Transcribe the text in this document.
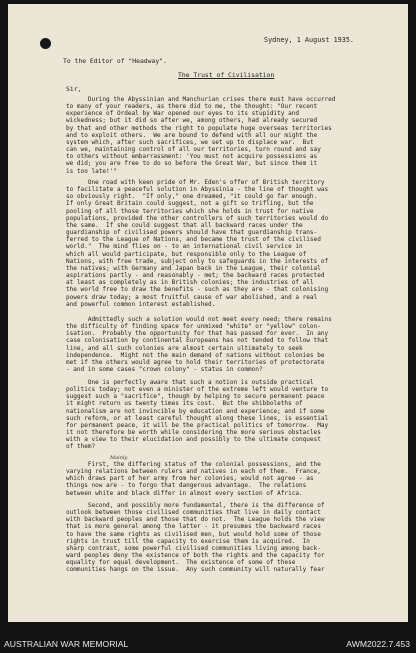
Sydney, 1 August 1935.
To the Editor of "Headway".
The Trust of Civilisation
Sir,
During the Abyssinian and Manchurian crises there must have occurred
to many of your readers, as there did to me, the thought: "Our recent
experience of Ordeal by War opened our eyes to its stupidity and
wickedness; but it did so after we, among others, had already secured
by that and other methods the right to populate huge overseas territories
and to exploit others.  We are bound to defend with all our might the
system which, after such sacrifices, we set up to displace war.  But
can we, maintaining control of all our territories, turn round and say
to others without embarrassment: 'You must not acquire possessions as
we did; you are free to do so before the Great War, but since them it
is too late!'"
One road with keen pride of Mr. Eden's offer of British territory
to facilitate a peaceful solution in Abyssinia - the line of thought was
so obviously right.  "If only," one dreamed, "it could go far enough.
If only Great Britain could suggest, not a gift so trifling, but the
pooling of all those territories which she holds in trust for native
populations, provided the other controllers of such territories would do
the same.  If she could suggest that all backward races under the
guardianship of civilised powers should have that guardianship trans-
ferred to the League of Nations, and became the trust of the civilised
world."  The mind flies on - to an international civil service in
which all would participate, but responsible only to the League of
Nations, with free trade, subject only to safeguards in the interests of
the natives; with Germany and Japan back in the League, their colonial
aspirations partly - and reasonably - met; the backward races protected
at least as completely as in British colonies; the industries of all
the world free to draw the benefits - such as they are - that colonising
powers draw today; a most fruitful cause of war abolished, and a real
and powerful common interest established.
Admittedly such a solution would not meet every need; there remains
the difficulty of finding space for unmixed "white" or "yellow" colon-
isation.  Probably the opportunity for that has passed for ever.  In any
case colonisation by continental Europeans has not tended to follow that
line, and all such colonies are almost certain ultimately to seek
independence.  Might not the main demand of nations without colonies be
met if the others would agree to hold their territories of protectorate
- and in some cases "crown colony" - status in common?
One is perfectly aware that such a notion is outside practical
politics today; not even a minister of the extreme left would venture to
suggest such a "sacrifice", though by helping to secure permanent peace
it might return us twenty times its cost.  But the shibboleths of
nationalism are not invincible by education and experience; and if some
such reform, or at least careful thought along these lines, is essential
for permanent peace, it will be the practical politics of tomorrow.  May
it not therefore be worth while considering the more serious obstacles
with a view to their elucidation and possibly to the ultimate conquest
of them?
First, the differing status of the colonial possessions, and the
varying relations between rulers and natives in each of them.  France,
which draws part of her army from her colonies, would not agree - as
things now are - to forgo that dangerous advantage.  The relations
between white and black differ in almost every section of Africa.
Second, and possibly more fundamental, there is the difference of
outlook between those civilised communities that live in daily contact
with backward peoples and those that do not.  The League holds the view
that is more general among the latter - it presumes the backward races
to have the same rights as civilised men, but would hold some of those
rights in trust till the capacity to exercise them is acquired.  In
sharp contrast, some powerful civilised communities living among back-
ward peoples deny the existence of both the rights and the capacity for
equality for equal development.  The existence of some of these
communities hangs on the issue.  Any such community will naturally fear
Mainly
AUSTRALIAN WAR MEMORIAL	AWM2022.7.453
